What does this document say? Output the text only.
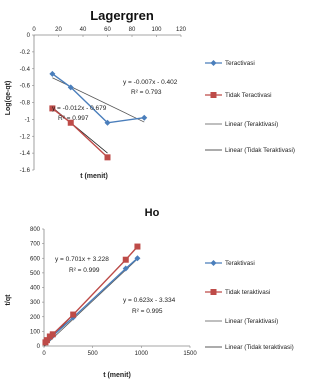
Lagergren
0	20	40	60	80	100 120
0
-0.2
-0.4
-0.6
-0.8
-1
-1.2
-1.4
-1.6
y = -0.007x - 0.402
R² = 0.793
y = -0.012x - 0.679
R² = 0.997
t (menit)
Log(qe-qt)
Teractivasi
Tidak Teractivasi
Linear (Teraktivasi)
Linear (Tidak Teraktivasi)
Ho
0	500	1000	1500
0
100
200
300
400
500
600
700
800
y = 0.701x + 3.228
R² = 0.999
y = 0.623x - 3.334
R² = 0.995
t (menit)
t/qt
Teraktivasi
Tidak teraktivasi
Linear (Teraktivasi)
Linear (Tidak teraktivasi)
